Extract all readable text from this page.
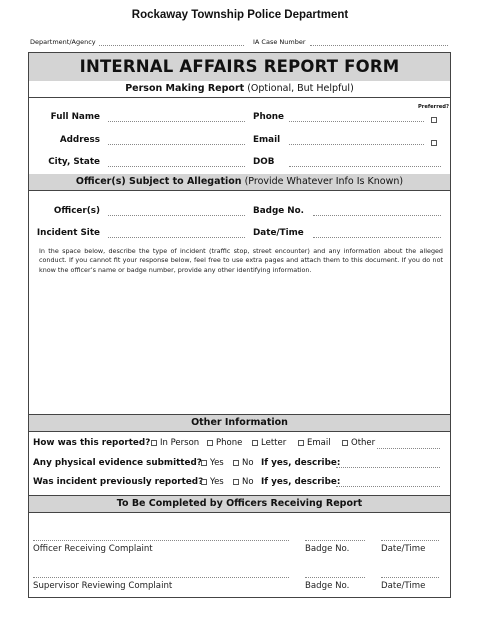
Rockaway Township Police Department
Department/Agency	IA Case Number
INTERNAL AFFAIRS REPORT FORM
Person Making Report (Optional, But Helpful)
Preferred?
Full Name	Phone
Address	Email
City, State	DOB
Officer(s) Subject to Allegation (Provide Whatever Info Is Known)
Officer(s)	Badge No.
Incident Site	Date/Time
In the space below, describe the type of incident (traffic stop, street encounter) and any information about the alleged conduct. If you cannot fit your response below, feel free to use extra pages and attach them to this document. If you do not know the officer’s name or badge number, provide any other identifying information.
Other Information
How was this reported?	In Person	Phone	Letter	Email	Other
Any physical evidence submitted? Yes	No If yes, describe:
Was incident previously reported? Yes	No If yes, describe:
To Be Completed by Officers Receiving Report
Officer Receiving Complaint	Badge No.	Date/Time
Supervisor Reviewing Complaint	Badge No.	Date/Time
